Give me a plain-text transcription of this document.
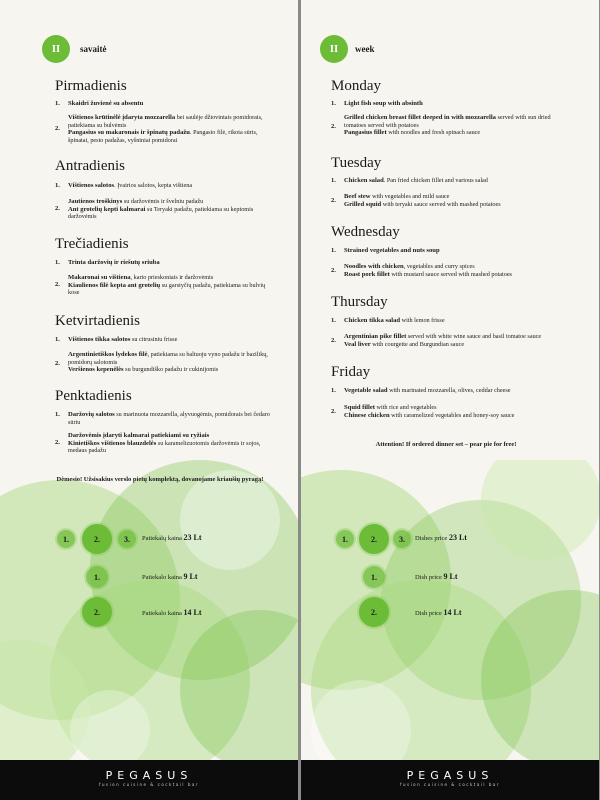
II	savaitė
Pirmadienis
1. Skaidri žuvienė su absentu
2.
Vištienos krūtinėlė įdaryta mozzarella bei saulėje džiovintais pomidorais, patiekiama su bulvėmis
Pangasius su makaronais ir špinatų padažu. Pangasio filė, rikota sūris, špinatai, pesto padažas, vyšniniai pomidorai
Antradienis
1. Vištienos salotos. Įvairios salotos, kepta vištiena
2.
Jautienos troškinys su daržovėmis ir švelniu padažu
Ant grotelių kepti kalmarai su Teryaki padažu, patiekiama su keptomis daržovėmis
Trečiadienis
1. Trinta daržovių ir riešutų sriuba
2.
Makaronai su vištiena, kario prieskoniais ir daržovėmis
Kiaulienos filė kepta ant grotelių su garstyčių padažu, patiekiama su bulvių kose
Ketvirtadienis
1. Vištienos tikka salotos su citrusiniu frisse
2.
Argentinietiškos lydekos filė, patiekiama su baltuoju vyno padažu ir bazilikų, pomidorų salotomis
Veršienos kepenėlės su burgundiško padažu ir cukinijomis
Penktadienis
1. Daržovių salotos su marinuota mozzarella, alyvuogėmis, pomidorais bei čedaro sūriu
2.
Daržovėmis įdaryti kalmarai patiekiami su ryžiais
Kinietiškos vištienos blauzdelės su karamelizuotomis daržovėmis ir sojos, medaus padažu
Dėmesio! Užsisakius verslo pietų komplektą, dovanojame kriaušių pyragą!
1.	2.	3.	Patiekalų kaina 23 Lt
1.	Patiekalo kaina 9 Lt
2.	Patiekalo kaina 14 Lt
PEGASUS
fusion cuisine & cocktail bar
II	week
Monday
1. Light fish soup with absinth
2.
Grilled chicken breast fillet deeped in with mozzarella served with sun dried tomatoes served with potatoes
Pangasius fillet with noodles and fresh spinach sauce
Tuesday
1. Chicken salad. Pan fried chicken fillet and various salad
2.
Beef stew with vegetables and mild sauce
Grilled squid with teryaki sauce served with mashed potatoes
Wednesday
1. Strained vegetables and nuts soup
2.
Noodles with chicken, vegetables and curry spices
Roast pork fillet with mustard sauce served with mashed potatoes
Thursday
1. Chicken tikka salad with lemon frisse
2.
Argentinian pike fillet served with white wine sauce and basil tomatoe sauce
Veal liver with courgette and Burgundian sauce
Friday
1. Vegetable salad with marinated mozzarella, olives, ceddar cheese
2.
Squid fillet with rice and vegetables
Chinese chicken with caramelized vegetables and honey-soy sauce
Attention! If ordered dinner set – pear pie for free!
1.	2.	3.	Dishes price 23 Lt
1.	Dish price 9 Lt
2.	Dish price 14 Lt
PEGASUS
fusion cuisine & cocktail bar
